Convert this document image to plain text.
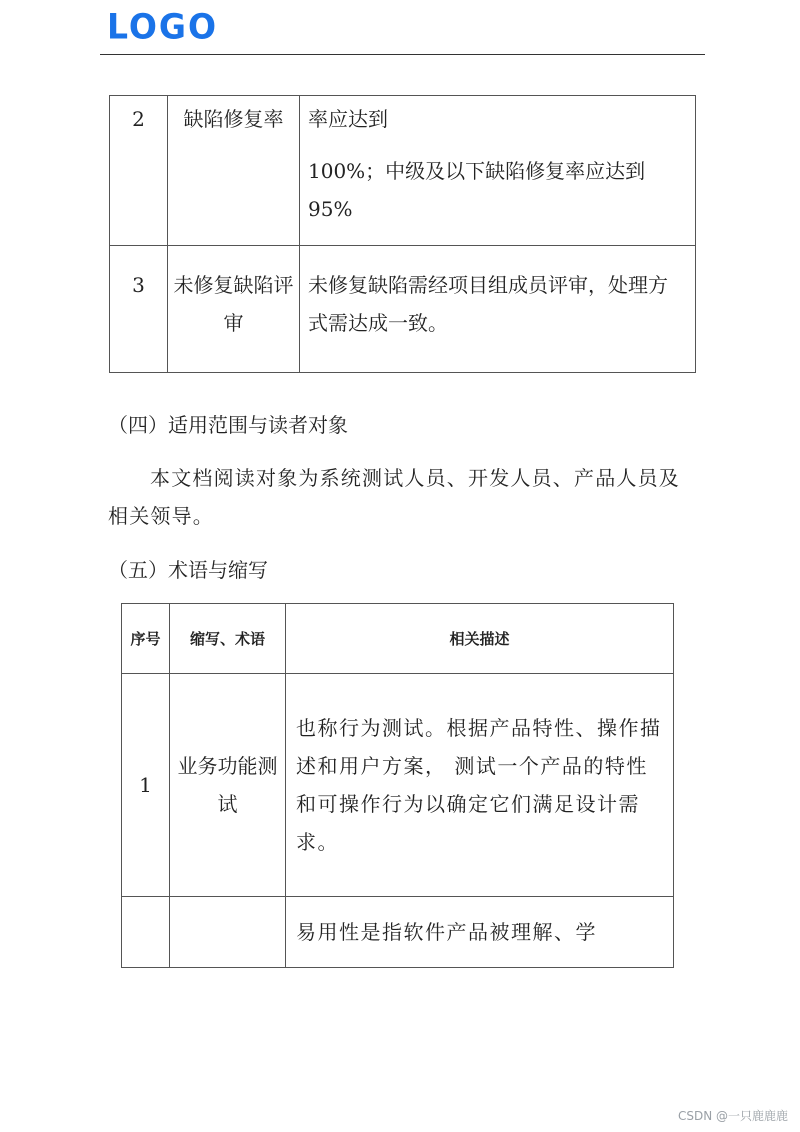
LOGO
2	缺陷修复率	率应达到
100%；中级及以下缺陷修复率应达到95%

3	未修复缺陷评审	未修复缺陷需经项目组成员评审，处理方式需达成一致。
（四）适用范围与读者对象
本文档阅读对象为系统测试人员、开发人员、产品人员及相关领导。
（五）术语与缩写
序号	缩写、术语	相关描述
1	业务功能测试	也称行为测试。根据产品特性、操作描述和用户方案， 测试一个产品的特性和可操作行为以确定它们满足设计需求。
		易用性是指软件产品被理解、学
CSDN @一只鹿鹿鹿
